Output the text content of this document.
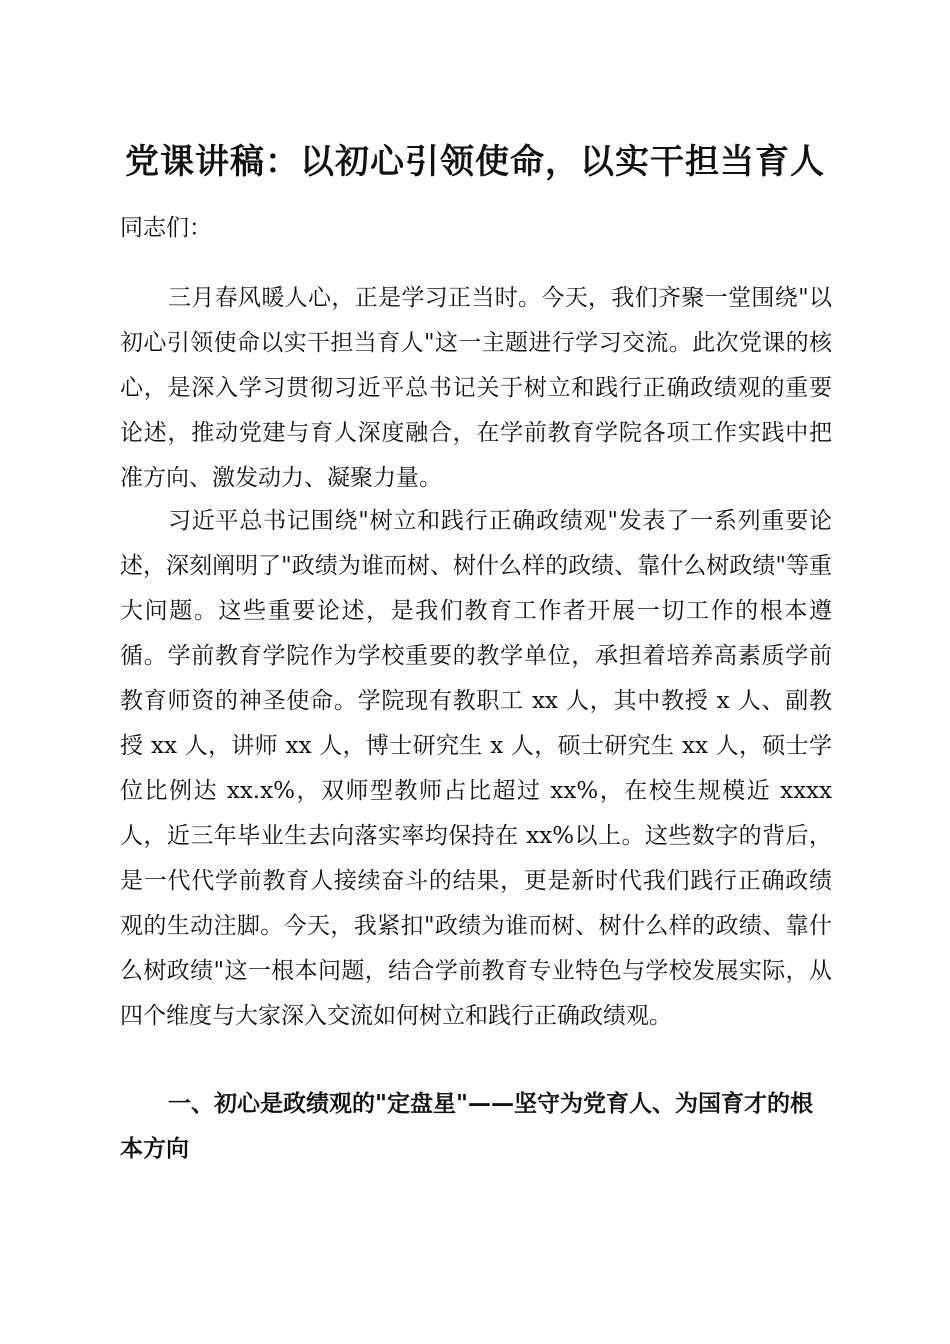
党课讲稿：以初心引领使命，以实干担当育人

同志们：

三月春风暖人心，正是学习正当时。今天，我们齐聚一堂围绕"以初心引领使命以实干担当育人"这一主题进行学习交流。此次党课的核心，是深入学习贯彻习近平总书记关于树立和践行正确政绩观的重要论述，推动党建与育人深度融合，在学前教育学院各项工作实践中把准方向、激发动力、凝聚力量。

习近平总书记围绕"树立和践行正确政绩观"发表了一系列重要论述，深刻阐明了"政绩为谁而树、树什么样的政绩、靠什么树政绩"等重大问题。这些重要论述，是我们教育工作者开展一切工作的根本遵循。学前教育学院作为学校重要的教学单位，承担着培养高素质学前教育师资的神圣使命。学院现有教职工 xx 人，其中教授 x 人、副教授 xx 人，讲师 xx 人，博士研究生 x 人，硕士研究生 xx 人，硕士学位比例达 xx.x%，双师型教师占比超过 xx%，在校生规模近 xxxx 人，近三年毕业生去向落实率均保持在 xx%以上。这些数字的背后，是一代代学前教育人接续奋斗的结果，更是新时代我们践行正确政绩观的生动注脚。今天，我紧扣"政绩为谁而树、树什么样的政绩、靠什么树政绩"这一根本问题，结合学前教育专业特色与学校发展实际，从四个维度与大家深入交流如何树立和践行正确政绩观。

一、初心是政绩观的"定盘星"——坚守为党育人、为国育才的根本方向
